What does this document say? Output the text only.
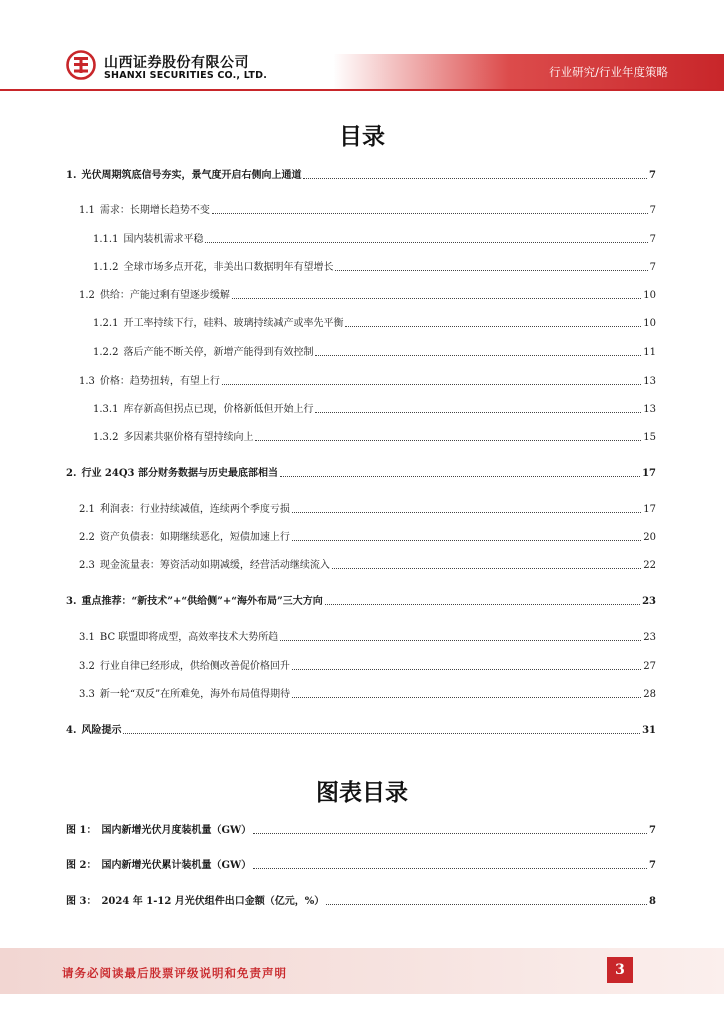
山西证券股份有限公司
SHANXI SECURITIES CO., LTD.	行业研究/行业年度策略
目录
1. 光伏周期筑底信号夯实，景气度开启右侧向上通道	7
1.1 需求：长期增长趋势不变	7
1.1.1 国内装机需求平稳	7
1.1.2 全球市场多点开花，非美出口数据明年有望增长	7
1.2 供给：产能过剩有望逐步缓解	10
1.2.1 开工率持续下行，硅料、玻璃持续减产或率先平衡	10
1.2.2 落后产能不断关停，新增产能得到有效控制	11
1.3 价格：趋势扭转，有望上行	13
1.3.1 库存新高但拐点已现，价格新低但开始上行	13
1.3.2 多因素共驱价格有望持续向上	15
2. 行业 24Q3 部分财务数据与历史最底部相当	17
2.1 利润表：行业持续减值，连续两个季度亏损	17
2.2 资产负债表：如期继续恶化，短债加速上行	20
2.3 现金流量表：筹资活动如期减缓，经营活动继续流入	22
3. 重点推荐：“新技术”+“供给侧”+“海外布局”三大方向	23
3.1 BC 联盟即将成型，高效率技术大势所趋	23
3.2 行业自律已经形成，供给侧改善促价格回升	27
3.3 新一轮“双反”在所难免，海外布局值得期待	28
4. 风险提示	31
图表目录
图 1： 国内新增光伏月度装机量（GW）	7
图 2： 国内新增光伏累计装机量（GW）	7
图 3： 2024 年 1-12 月光伏组件出口金额（亿元，%）	8
请务必阅读最后股票评级说明和免责声明	3
